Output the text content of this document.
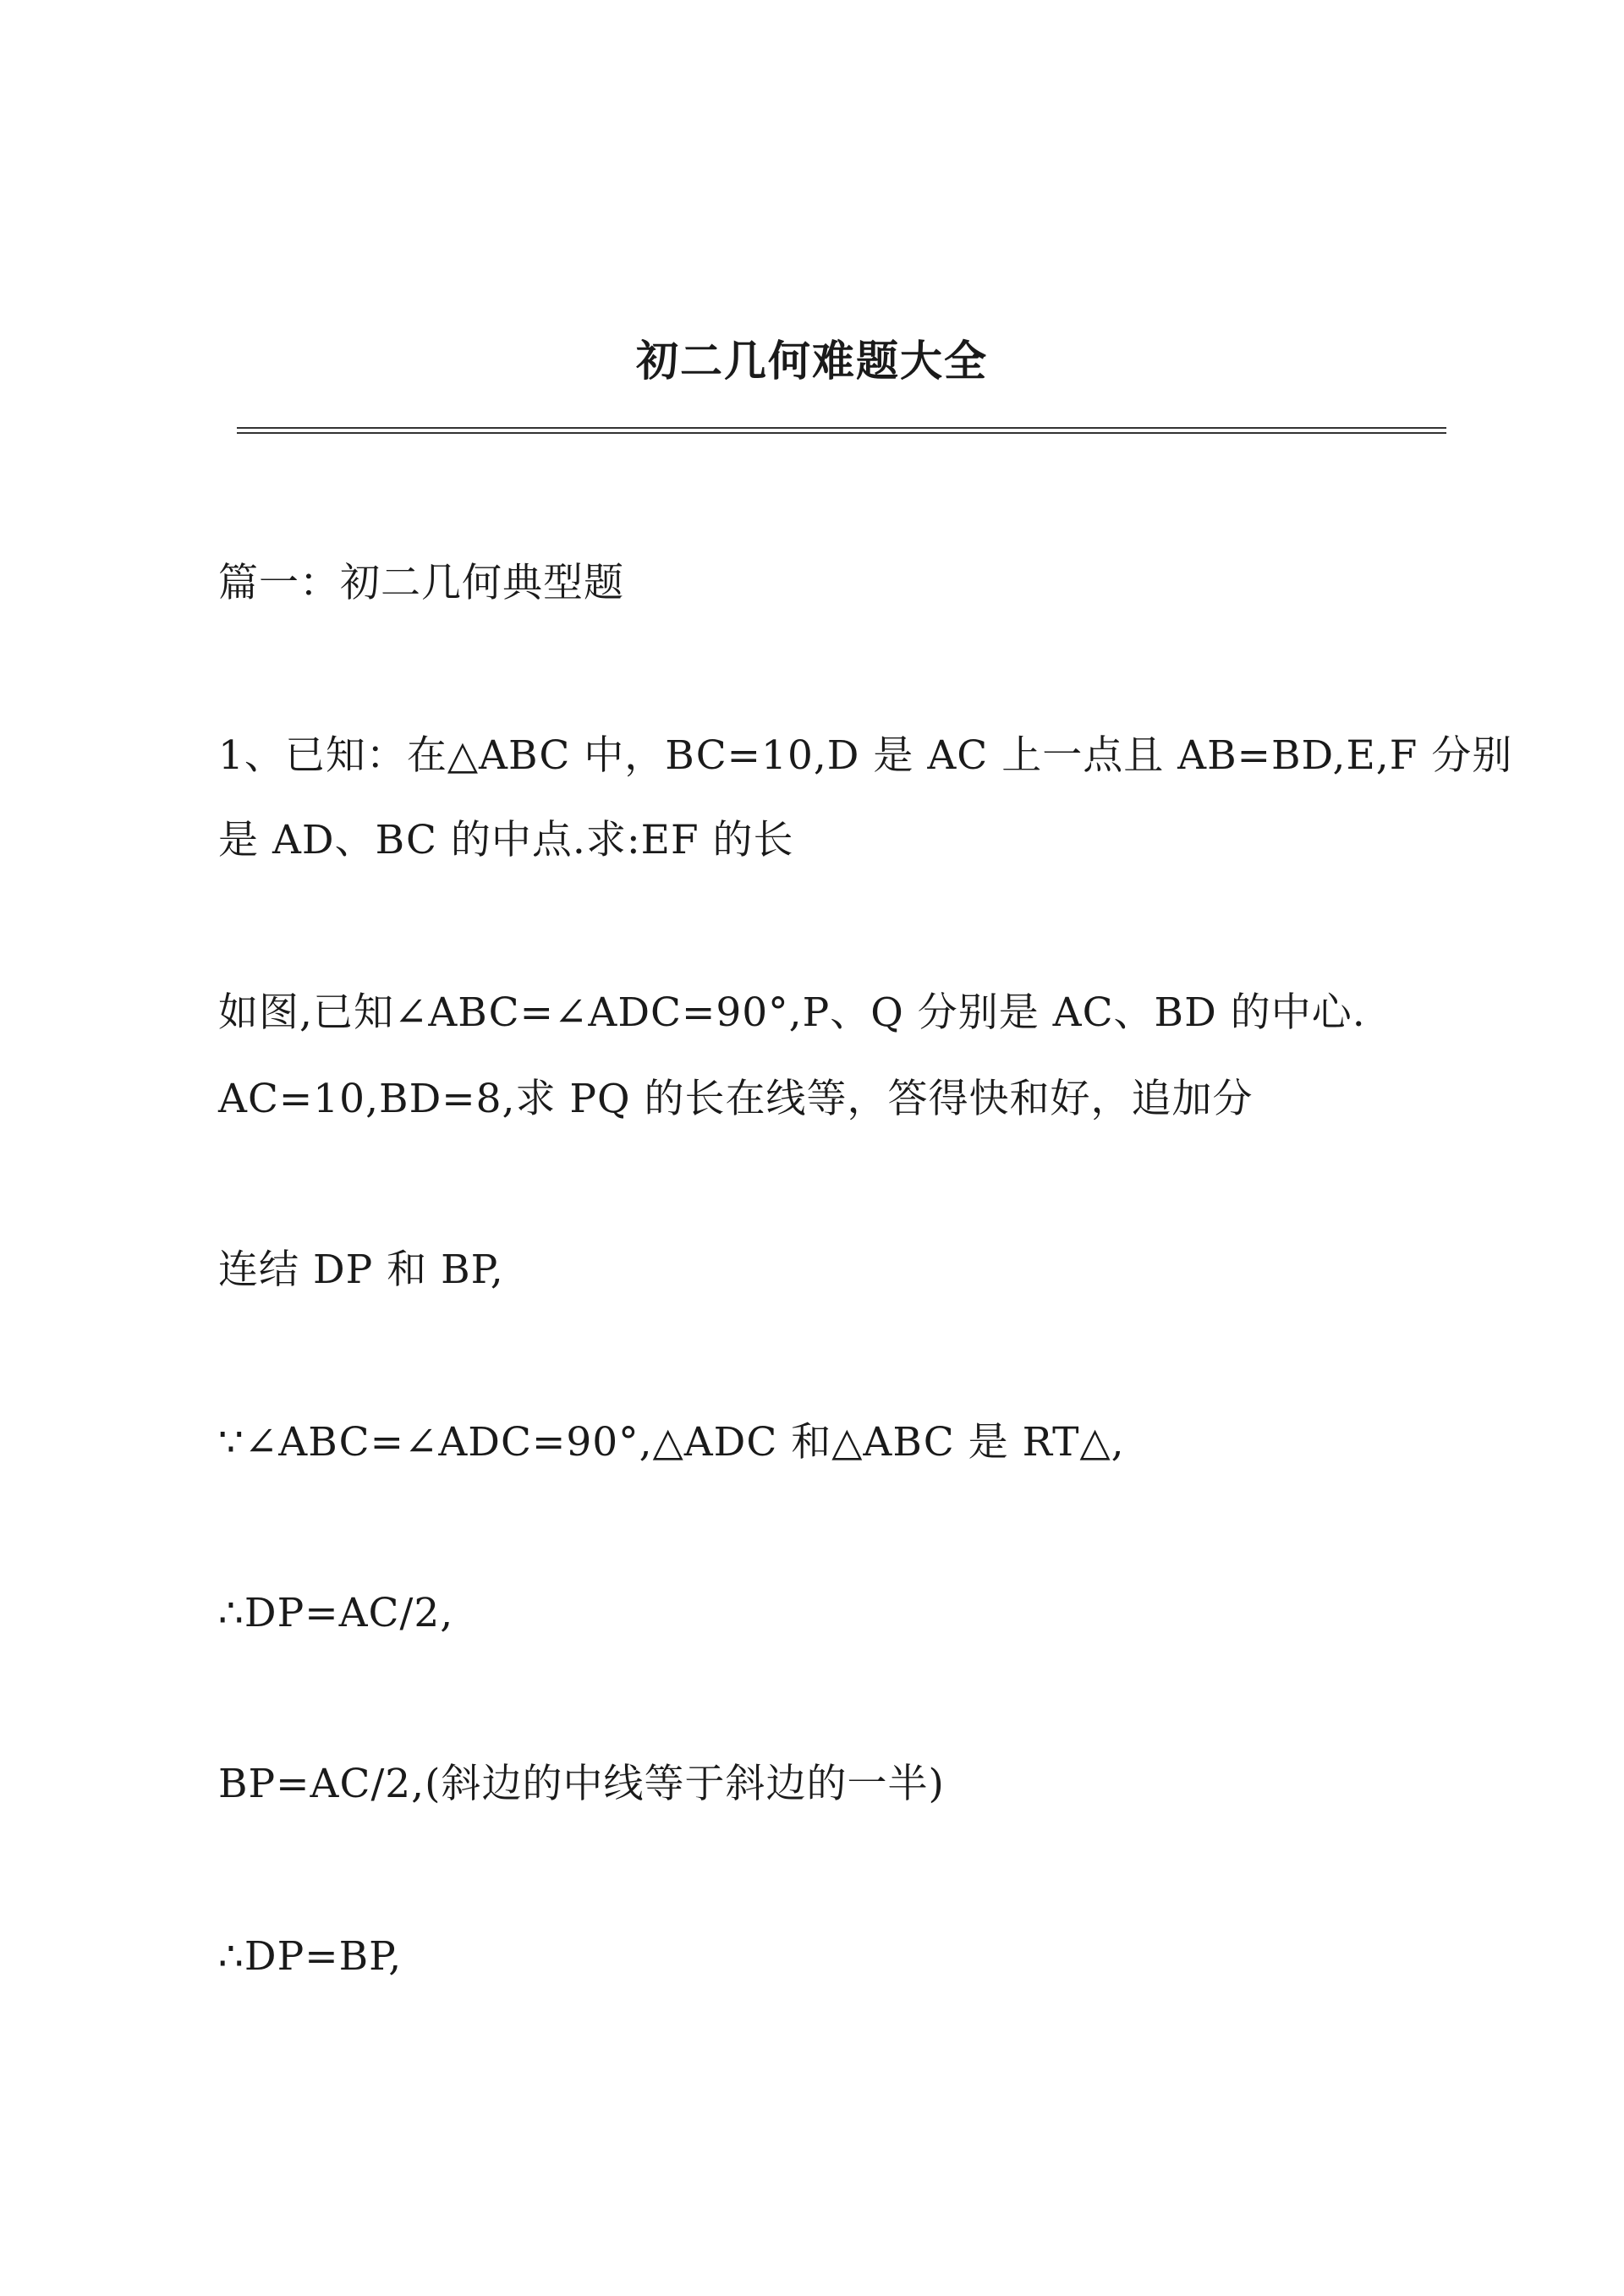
初二几何难题大全
篇一：初二几何典型题
1、已知：在△ABC 中，BC=10,D 是 AC 上一点且 AB=BD,E,F 分别
是 AD、BC 的中点.求:EF 的长
如图,已知∠ABC=∠ADC=90°,P、Q 分别是 AC、BD 的中心.
AC=10,BD=8,求 PQ 的长在线等，答得快和好，追加分
连结 DP 和 BP,
∵∠ABC=∠ADC=90°,△ADC 和△ABC 是 RT△,
∴DP=AC/2,
BP=AC/2,(斜边的中线等于斜边的一半)
∴DP=BP,
